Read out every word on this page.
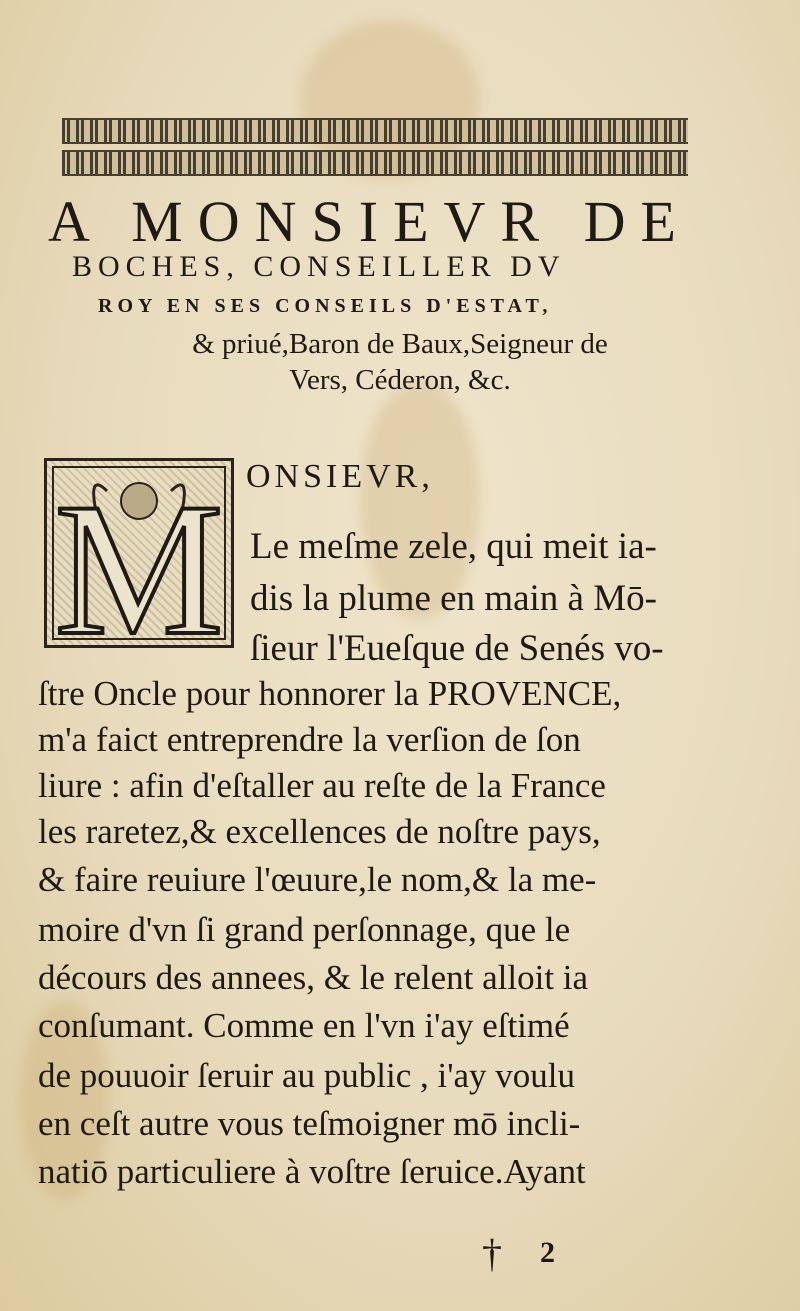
A MONSIEVR DE
BOCHES, CONSEILLER DV
ROY EN SES CONSEILS D'ESTAT,
& priué,Baron de Baux,Seigneur de
Vers, Céderon, &c.
M ONSIEVR,
Le meſme zele, qui meit ia-
dis la plume en main à Mō-
ſieur l'Eueſque de Senés vo-
ſtre Oncle pour honnorer la PROVENCE,
m'a faict entreprendre la verſion de ſon
liure : afin d'eſtaller au reſte de la France
les raretez,& excellences de noſtre pays,
& faire reuiure l'œuure,le nom,& la me-
moire d'vn ſi grand perſonnage, que le
décours des annees, & le relent alloit ia
conſumant. Comme en l'vn i'ay eſtimé
de pouuoir ſeruir au public , i'ay voulu
en ceſt autre vous teſmoigner mō incli-
natiō particuliere à voſtre ſeruice.Ayant
† 2
